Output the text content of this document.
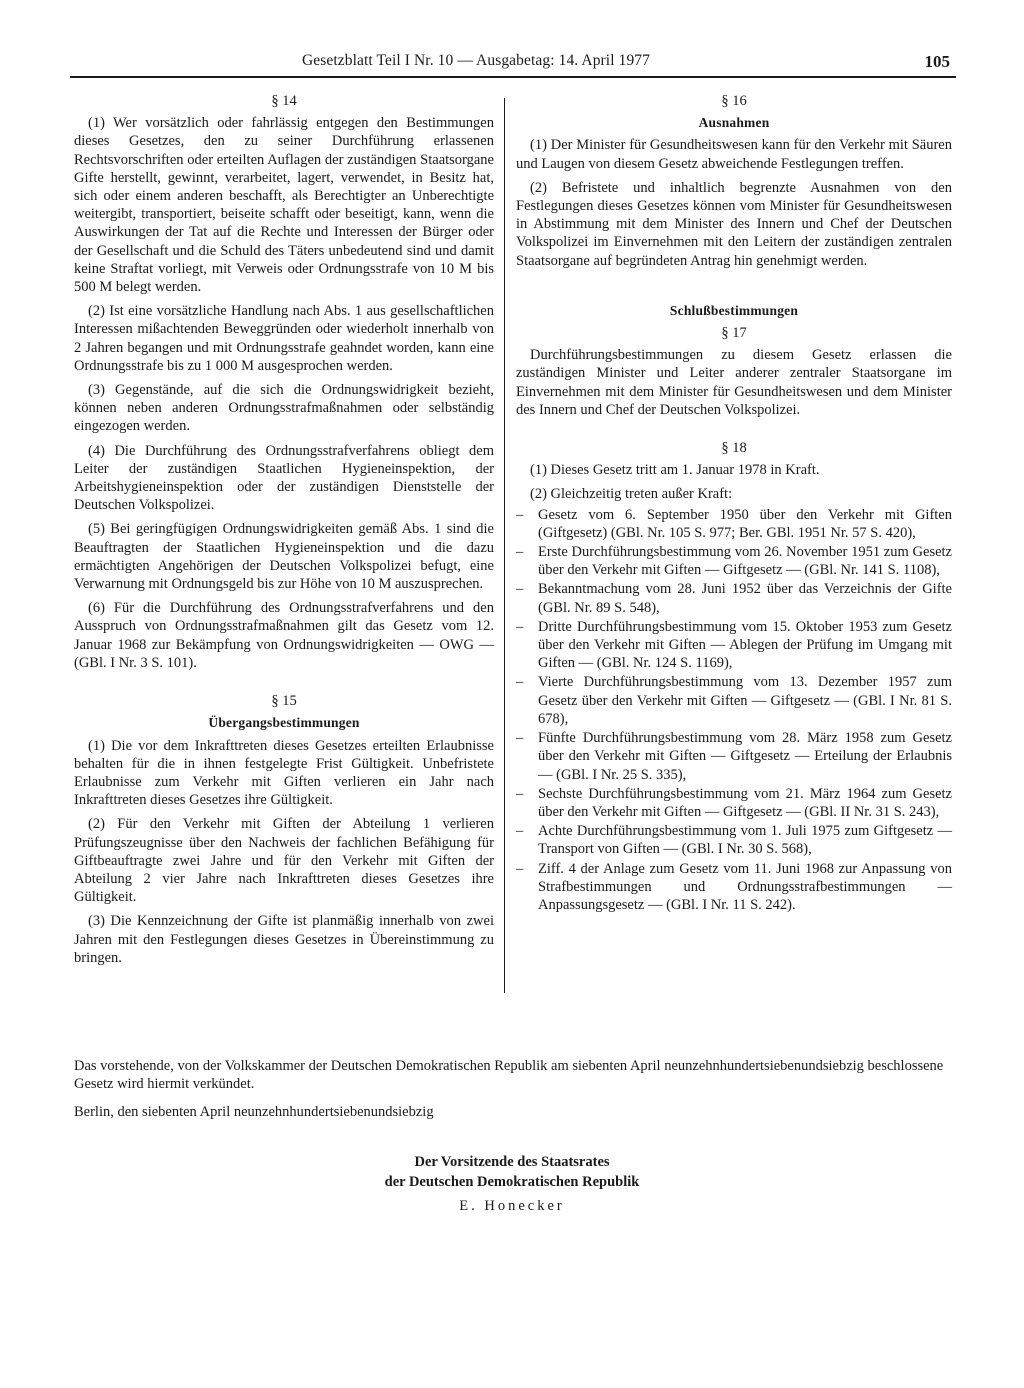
Gesetzblatt Teil I Nr. 10 — Ausgabetag: 14. April 1977	105
§ 14

(1) Wer vorsätzlich oder fahrlässig entgegen den Bestimmungen dieses Gesetzes, den zu seiner Durchführung erlassenen Rechtsvorschriften oder erteilten Auflagen der zuständigen Staatsorgane Gifte herstellt, gewinnt, verarbeitet, lagert, verwendet, in Besitz hat, sich oder einem anderen beschafft, als Berechtigter an Unberechtigte weitergibt, transportiert, beiseite schafft oder beseitigt, kann, wenn die Auswirkungen der Tat auf die Rechte und Interessen der Bürger oder der Gesellschaft und die Schuld des Täters unbedeutend sind und damit keine Straftat vorliegt, mit Verweis oder Ordnungsstrafe von 10 M bis 500 M belegt werden.

(2) Ist eine vorsätzliche Handlung nach Abs. 1 aus gesellschaftlichen Interessen mißachtenden Beweggründen oder wiederholt innerhalb von 2 Jahren begangen und mit Ordnungsstrafe geahndet worden, kann eine Ordnungsstrafe bis zu 1 000 M ausgesprochen werden.

(3) Gegenstände, auf die sich die Ordnungswidrigkeit bezieht, können neben anderen Ordnungsstrafmaßnahmen oder selbständig eingezogen werden.

(4) Die Durchführung des Ordnungsstrafverfahrens obliegt dem Leiter der zuständigen Staatlichen Hygieneinspektion, der Arbeitshygieneinspektion oder der zuständigen Dienststelle der Deutschen Volkspolizei.

(5) Bei geringfügigen Ordnungswidrigkeiten gemäß Abs. 1 sind die Beauftragten der Staatlichen Hygieneinspektion und die dazu ermächtigten Angehörigen der Deutschen Volkspolizei befugt, eine Verwarnung mit Ordnungsgeld bis zur Höhe von 10 M auszusprechen.

(6) Für die Durchführung des Ordnungsstrafverfahrens und den Ausspruch von Ordnungsstrafmaßnahmen gilt das Gesetz vom 12. Januar 1968 zur Bekämpfung von Ordnungswidrigkeiten — OWG — (GBl. I Nr. 3 S. 101).

§ 15
Übergangsbestimmungen

(1) Die vor dem Inkrafttreten dieses Gesetzes erteilten Erlaubnisse behalten für die in ihnen festgelegte Frist Gültigkeit. Unbefristete Erlaubnisse zum Verkehr mit Giften verlieren ein Jahr nach Inkrafttreten dieses Gesetzes ihre Gültigkeit.

(2) Für den Verkehr mit Giften der Abteilung 1 verlieren Prüfungszeugnisse über den Nachweis der fachlichen Befähigung für Giftbeauftragte zwei Jahre und für den Verkehr mit Giften der Abteilung 2 vier Jahre nach Inkrafttreten dieses Gesetzes ihre Gültigkeit.

(3) Die Kennzeichnung der Gifte ist planmäßig innerhalb von zwei Jahren mit den Festlegungen dieses Gesetzes in Übereinstimmung zu bringen.

§ 16
Ausnahmen

(1) Der Minister für Gesundheitswesen kann für den Verkehr mit Säuren und Laugen von diesem Gesetz abweichende Festlegungen treffen.

(2) Befristete und inhaltlich begrenzte Ausnahmen von den Festlegungen dieses Gesetzes können vom Minister für Gesundheitswesen in Abstimmung mit dem Minister des Innern und Chef der Deutschen Volkspolizei im Einvernehmen mit den Leitern der zuständigen zentralen Staatsorgane auf begründeten Antrag hin genehmigt werden.

Schlußbestimmungen
§ 17

Durchführungsbestimmungen zu diesem Gesetz erlassen die zuständigen Minister und Leiter anderer zentraler Staatsorgane im Einvernehmen mit dem Minister für Gesundheitswesen und dem Minister des Innern und Chef der Deutschen Volkspolizei.

§ 18

(1) Dieses Gesetz tritt am 1. Januar 1978 in Kraft.

(2) Gleichzeitig treten außer Kraft:

– Gesetz vom 6. September 1950 über den Verkehr mit Giften (Giftgesetz) (GBl. Nr. 105 S. 977; Ber. GBl. 1951 Nr. 57 S. 420),
– Erste Durchführungsbestimmung vom 26. November 1951 zum Gesetz über den Verkehr mit Giften — Giftgesetz — (GBl. Nr. 141 S. 1108),
– Bekanntmachung vom 28. Juni 1952 über das Verzeichnis der Gifte (GBl. Nr. 89 S. 548),
– Dritte Durchführungsbestimmung vom 15. Oktober 1953 zum Gesetz über den Verkehr mit Giften — Ablegen der Prüfung im Umgang mit Giften — (GBl. Nr. 124 S. 1169),
– Vierte Durchführungsbestimmung vom 13. Dezember 1957 zum Gesetz über den Verkehr mit Giften — Giftgesetz — (GBl. I Nr. 81 S. 678),
– Fünfte Durchführungsbestimmung vom 28. März 1958 zum Gesetz über den Verkehr mit Giften — Giftgesetz — Erteilung der Erlaubnis — (GBl. I Nr. 25 S. 335),
– Sechste Durchführungsbestimmung vom 21. März 1964 zum Gesetz über den Verkehr mit Giften — Giftgesetz — (GBl. II Nr. 31 S. 243),
– Achte Durchführungsbestimmung vom 1. Juli 1975 zum Giftgesetz — Transport von Giften — (GBl. I Nr. 30 S. 568),
– Ziff. 4 der Anlage zum Gesetz vom 11. Juni 1968 zur Anpassung von Strafbestimmungen und Ordnungsstrafbestimmungen — Anpassungsgesetz — (GBl. I Nr. 11 S. 242).

Das vorstehende, von der Volkskammer der Deutschen Demokratischen Republik am siebenten April neunzehnhundertsiebenundsiebzig beschlossene Gesetz wird hiermit verkündet.

Berlin, den siebenten April neunzehnhundertsiebenundsiebzig

Der Vorsitzende des Staatsrates
der Deutschen Demokratischen Republik
E. Honecker
